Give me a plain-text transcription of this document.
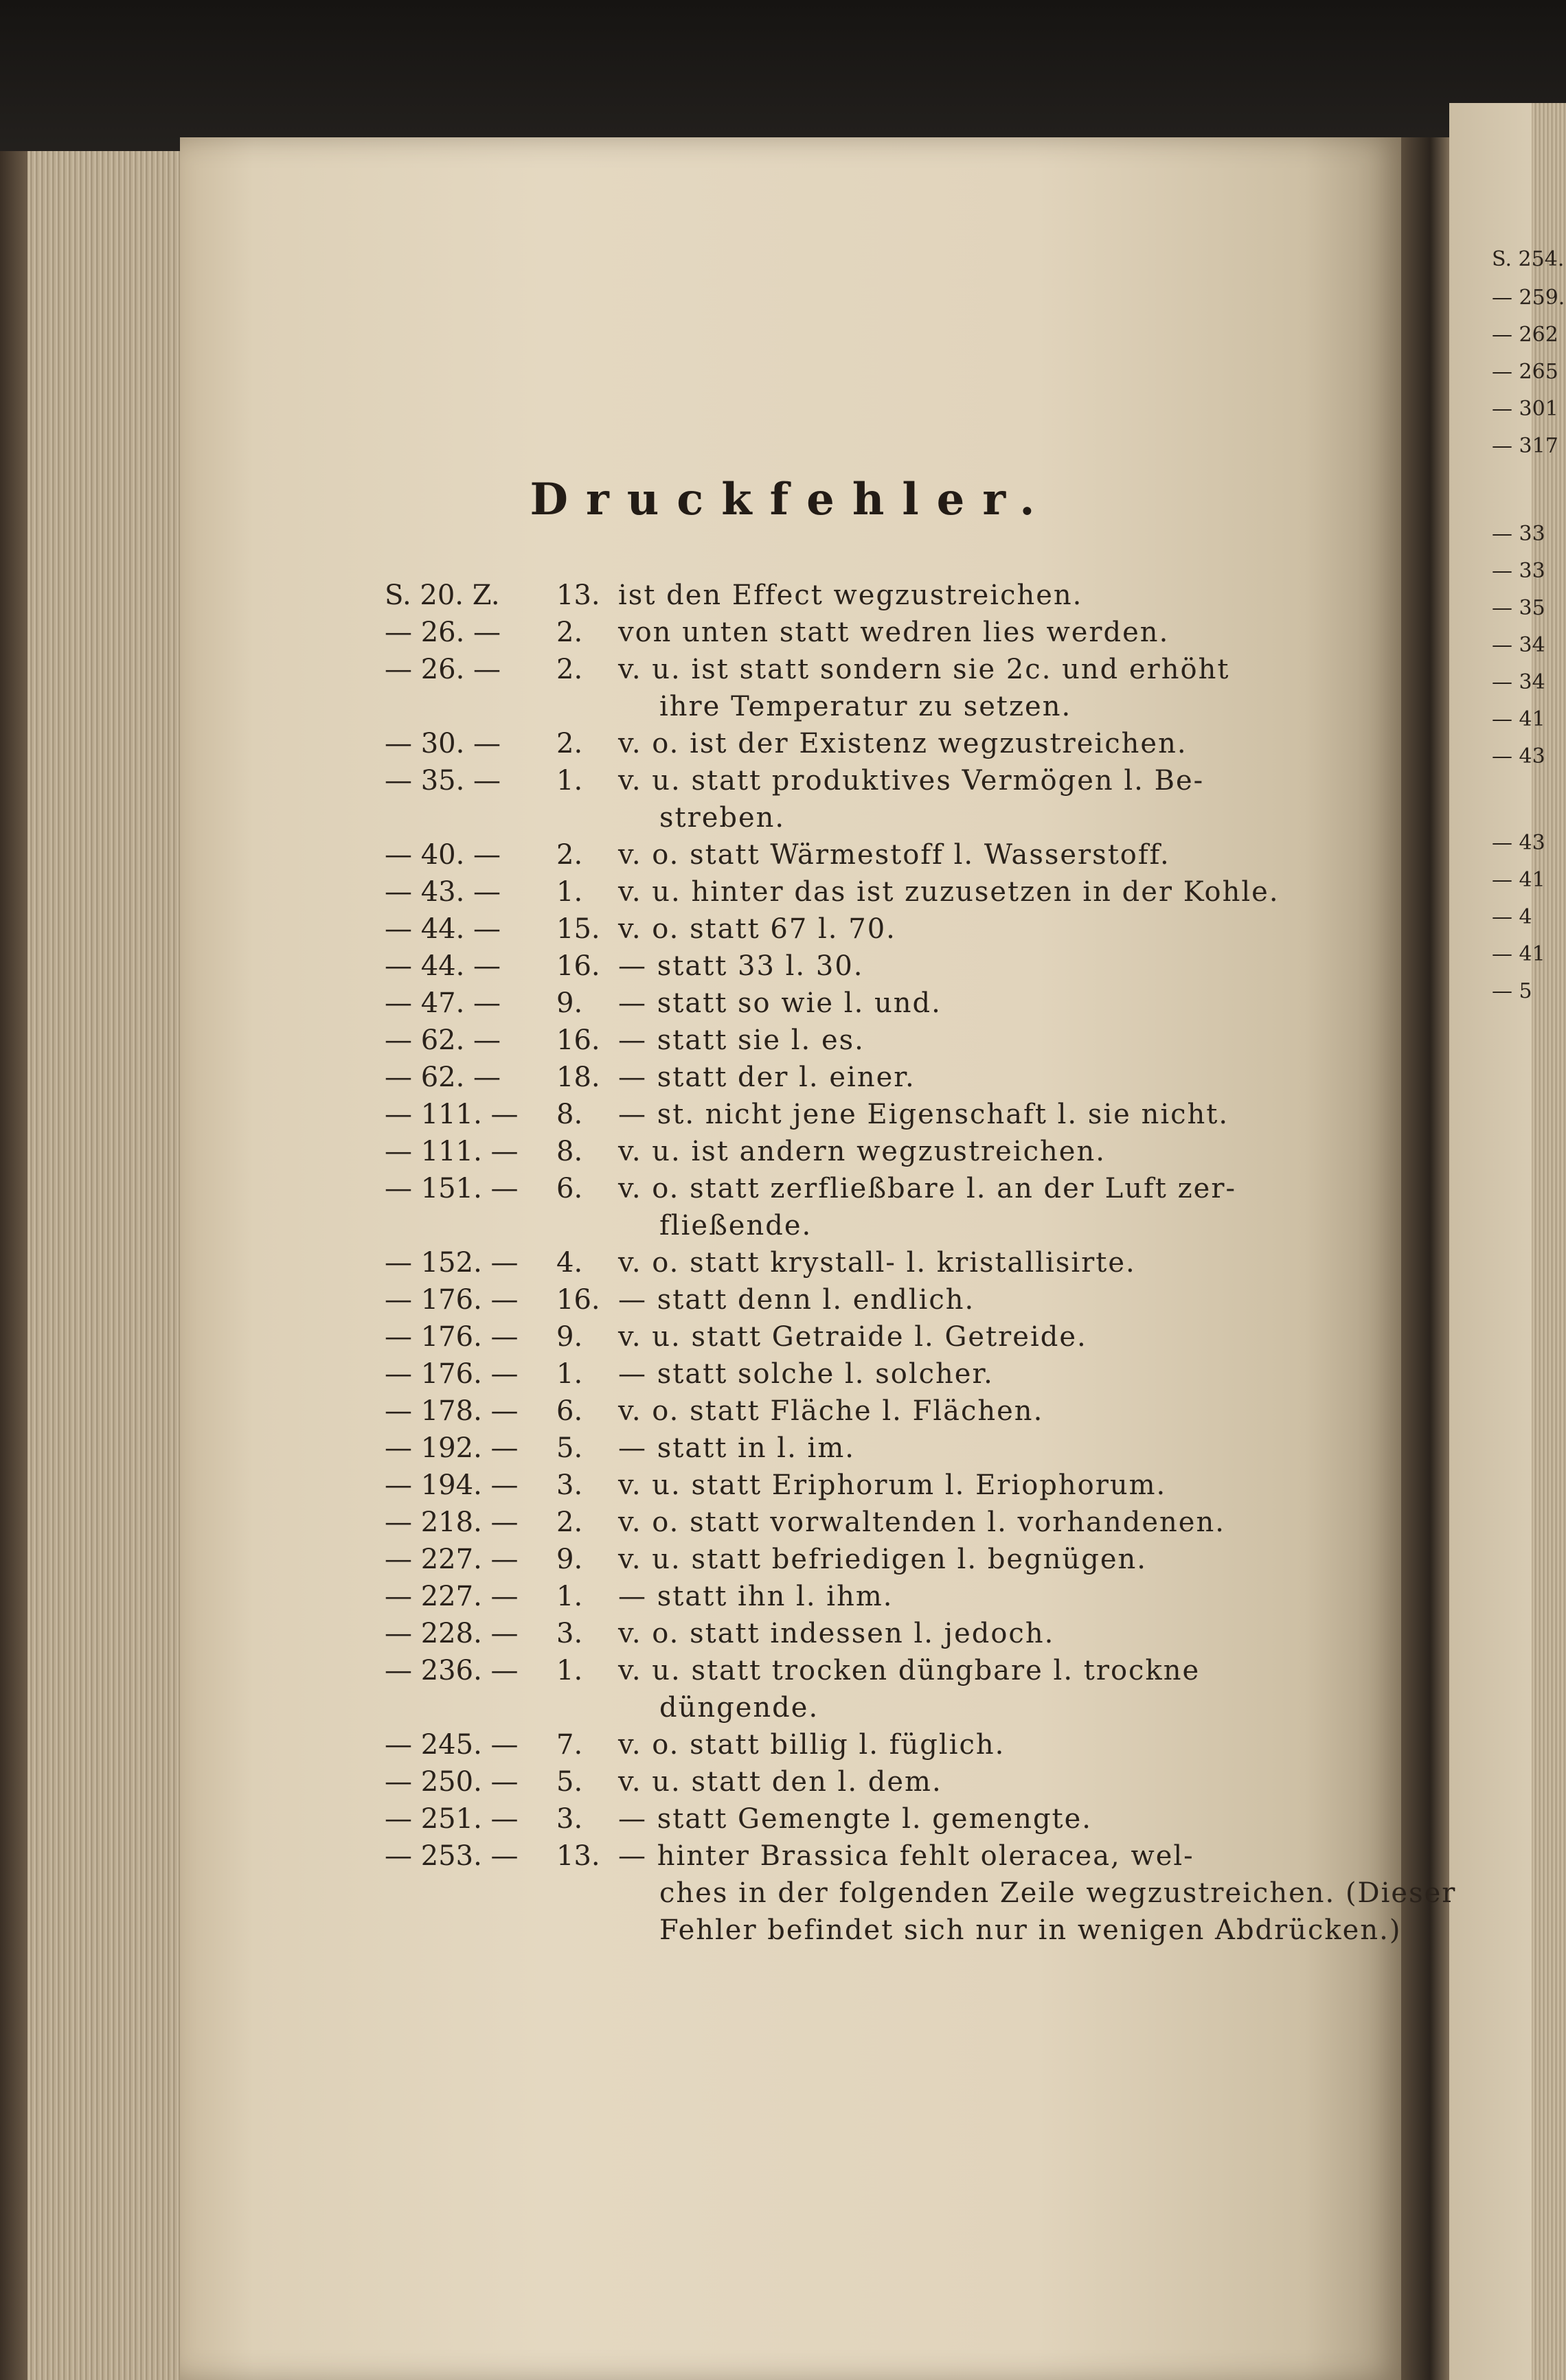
Druckfehler.
S. 20. Z.	13. ist den Effect wegzustreichen.
— 26. —	2.	von unten statt wedren lies werden.
— 26. —	2.	v. u. ist statt sondern sie 2c. und erhöht
ihre Temperatur zu setzen.
— 30. —	2.	v. o. ist der Existenz wegzustreichen.
— 35. —	1.	v. u. statt produktives Vermögen l. Be-
streben.
— 40. —	2.	v. o. statt Wärmestoff l. Wasserstoff.
— 43. —	1.	v. u. hinter das ist zuzusetzen in der Kohle.
— 44. —	15. v. o. statt 67 l. 70.
— 44. —	16. — statt 33 l. 30.
— 47. —	9.	— statt so wie l. und.
— 62. —	16. — statt sie l. es.
— 62. —	18. — statt der l. einer.
— 111. —	8.	— st. nicht jene Eigenschaft l. sie nicht.
— 111. —	8.	v. u. ist andern wegzustreichen.
— 151. —	6.	v. o. statt zerfließbare l. an der Luft zer-
fließende.
— 152. —	4.	v. o. statt krystall- l. kristallisirte.
— 176. —	16. — statt denn l. endlich.
— 176. —	9.	v. u. statt Getraide l. Getreide.
— 176. —	1.	— statt solche l. solcher.
— 178. —	6.	v. o. statt Fläche l. Flächen.
— 192. —	5.	— statt in l. im.
— 194. —	3.	v. u. statt Eriphorum l. Eriophorum.
— 218. —	2.	v. o. statt vorwaltenden l. vorhandenen.
— 227. —	9.	v. u. statt befriedigen l. begnügen.
— 227. —	1.	— statt ihn l. ihm.
— 228. —	3.	v. o. statt indessen l. jedoch.
— 236. —	1.	v. u. statt trocken düngbare l. trockne
düngende.
— 245. —	7.	v. o. statt billig l. füglich.
— 250. —	5.	v. u. statt den l. dem.
— 251. —	3.	— statt Gemengte l. gemengte.
— 253. —	13. — hinter Brassica fehlt oleracea, wel-
ches in der folgenden Zeile wegzustreichen. (Dieser
Fehler befindet sich nur in wenigen Abdrücken.)
S. 254.
— 259.
— 262
— 265
— 301
— 317
— 33
— 33
— 35
— 34
— 34
— 41
— 43
— 43
— 41
— 4
— 41
— 5
